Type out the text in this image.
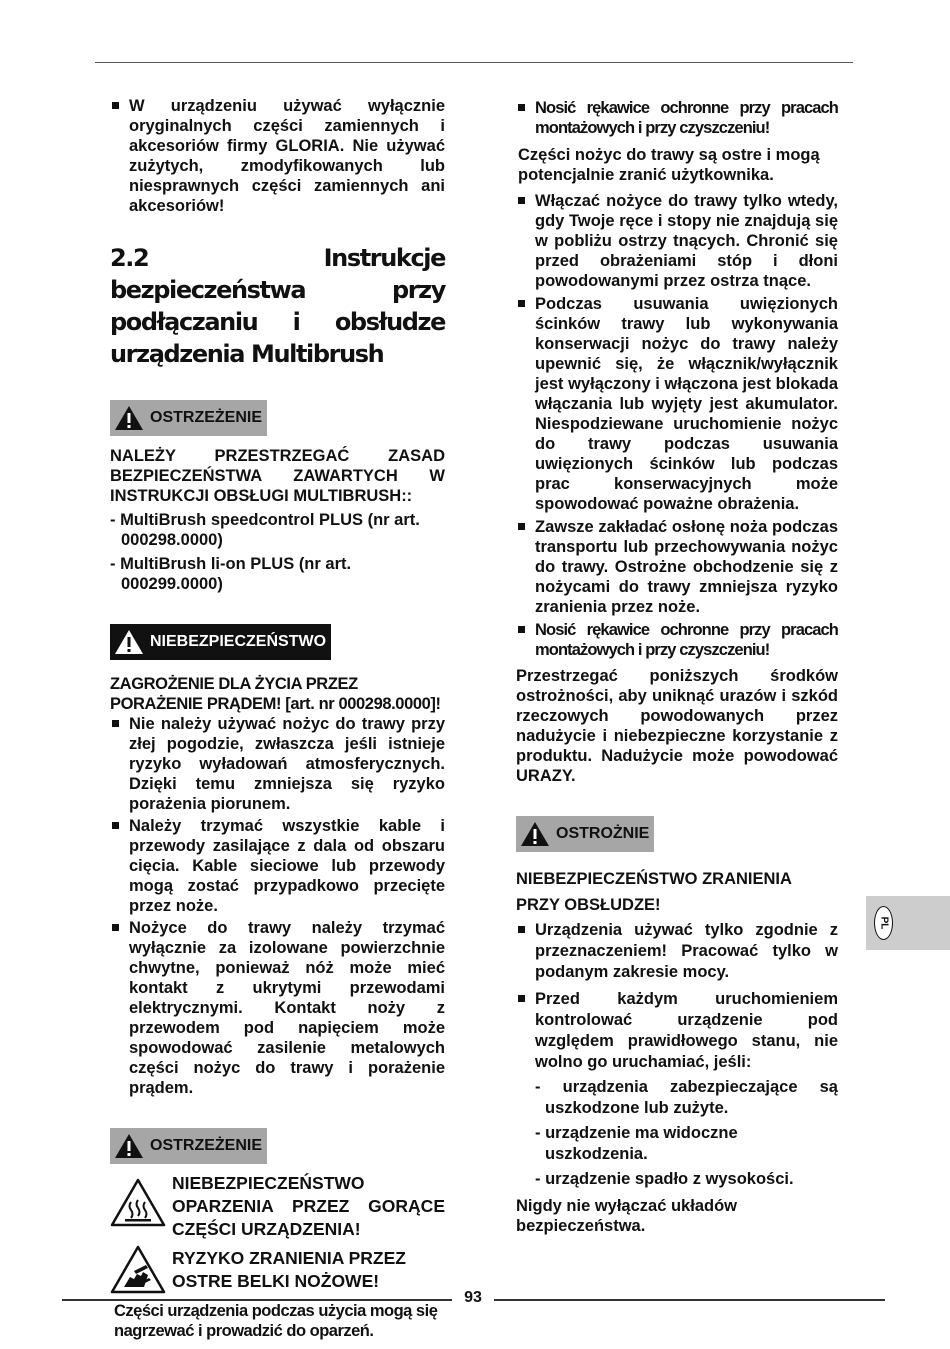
W urządzeniu używać wyłącznie oryginalnych części zamiennych i akcesoriów firmy GLORIA. Nie używać zużytych, zmodyfikowanych lub niesprawnych części zamiennych ani akcesoriów!
2.2 Instrukcje bezpieczeństwa przy podłączaniu i obsłudze urządzenia Multibrush
OSTRZEŻENIE
NALEŻY PRZESTRZEGAĆ ZASAD BEZPIECZEŃSTWA ZAWARTYCH W INSTRUKCJI OBSŁUGI MULTIBRUSH::
- MultiBrush speedcontrol PLUS (nr art. 000298.0000)
- MultiBrush li-on PLUS (nr art. 000299.0000)
NIEBEZPIECZEŃSTWO
ZAGROŻENIE DLA ŻYCIA PRZEZ PORAŻENIE PRĄDEM! [art. nr 000298.0000]!
Nie należy używać nożyc do trawy przy złej pogodzie, zwłaszcza jeśli istnieje ryzyko wyładowań atmosferycznych. Dzięki temu zmniejsza się ryzyko porażenia piorunem.
Należy trzymać wszystkie kable i przewody zasilające z dala od obszaru cięcia. Kable sieciowe lub przewody mogą zostać przypadkowo przecięte przez noże.
Nożyce do trawy należy trzymać wyłącznie za izolowane powierzchnie chwytne, ponieważ nóż może mieć kontakt z ukrytymi przewodami elektrycznymi. Kontakt noży z przewodem pod napięciem może spowodować zasilenie metalowych części nożyc do trawy i porażenie prądem.
OSTRZEŻENIE
NIEBEZPIECZEŃSTWO OPARZENIA PRZEZ GORĄCE CZĘŚCI URZĄDZENIA!
RYZYKO ZRANIENIA PRZEZ OSTRE BELKI NOŻOWE!
Części urządzenia podczas użycia mogą się nagrzewać i prowadzić do oparzeń.
Nosić rękawice ochronne przy pracach montażowych i przy czyszczeniu!
Części nożyc do trawy są ostre i mogą potencjalnie zranić użytkownika.
Włączać nożyce do trawy tylko wtedy, gdy Twoje ręce i stopy nie znajdują się w pobliżu ostrzy tnących. Chronić się przed obrażeniami stóp i dłoni powodowanymi przez ostrza tnące.
Podczas usuwania uwięzionych ścinków trawy lub wykonywania konserwacji nożyc do trawy należy upewnić się, że włącznik/wyłącznik jest wyłączony i włączona jest blokada włączania lub wyjęty jest akumulator. Niespodziewane uruchomienie nożyc do trawy podczas usuwania uwięzionych ścinków lub podczas prac konserwacyjnych może spowodować poważne obrażenia.
Zawsze zakładać osłonę noża podczas transportu lub przechowywania nożyc do trawy. Ostrożne obchodzenie się z nożycami do trawy zmniejsza ryzyko zranienia przez noże.
Nosić rękawice ochronne przy pracach montażowych i przy czyszczeniu!
Przestrzegać poniższych środków ostrożności, aby uniknąć urazów i szkód rzeczowych powodowanych przez nadużycie i niebezpieczne korzystanie z produktu. Nadużycie może powodować URAZY.
OSTROŻNIE
NIEBEZPIECZEŃSTWO ZRANIENIA
PRZY OBSŁUDZE!
Urządzenia używać tylko zgodnie z przeznaczeniem! Pracować tylko w podanym zakresie mocy.
Przed każdym uruchomieniem kontrolować urządzenie pod względem prawidłowego stanu, nie wolno go uruchamiać, jeśli:
- urządzenia zabezpieczające są uszkodzone lub zużyte.
- urządzenie ma widoczne uszkodzenia.
- urządzenie spadło z wysokości.
Nigdy nie wyłączać układów bezpieczeństwa.
PL
93
